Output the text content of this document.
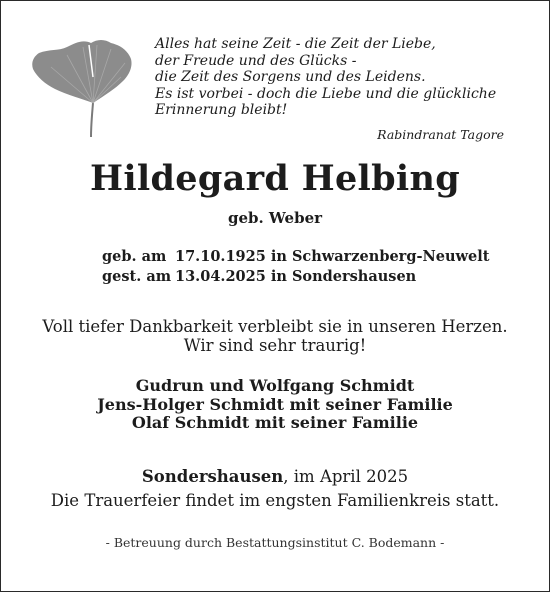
Alles hat seine Zeit - die Zeit der Liebe,
der Freude und des Glücks -
die Zeit des Sorgens und des Leidens.
Es ist vorbei - doch die Liebe und die glückliche
Erinnerung bleibt!
Rabindranat Tagore
Hildegard Helbing
geb. Weber
geb. am 17.10.1925 in Schwarzenberg-Neuwelt
gest. am 13.04.2025 in Sondershausen
Voll tiefer Dankbarkeit verbleibt sie in unseren Herzen.
Wir sind sehr traurig!
Gudrun und Wolfgang Schmidt
Jens-Holger Schmidt mit seiner Familie
Olaf Schmidt mit seiner Familie
Sondershausen, im April 2025
Die Trauerfeier findet im engsten Familienkreis statt.
- Betreuung durch Bestattungsinstitut C. Bodemann -
